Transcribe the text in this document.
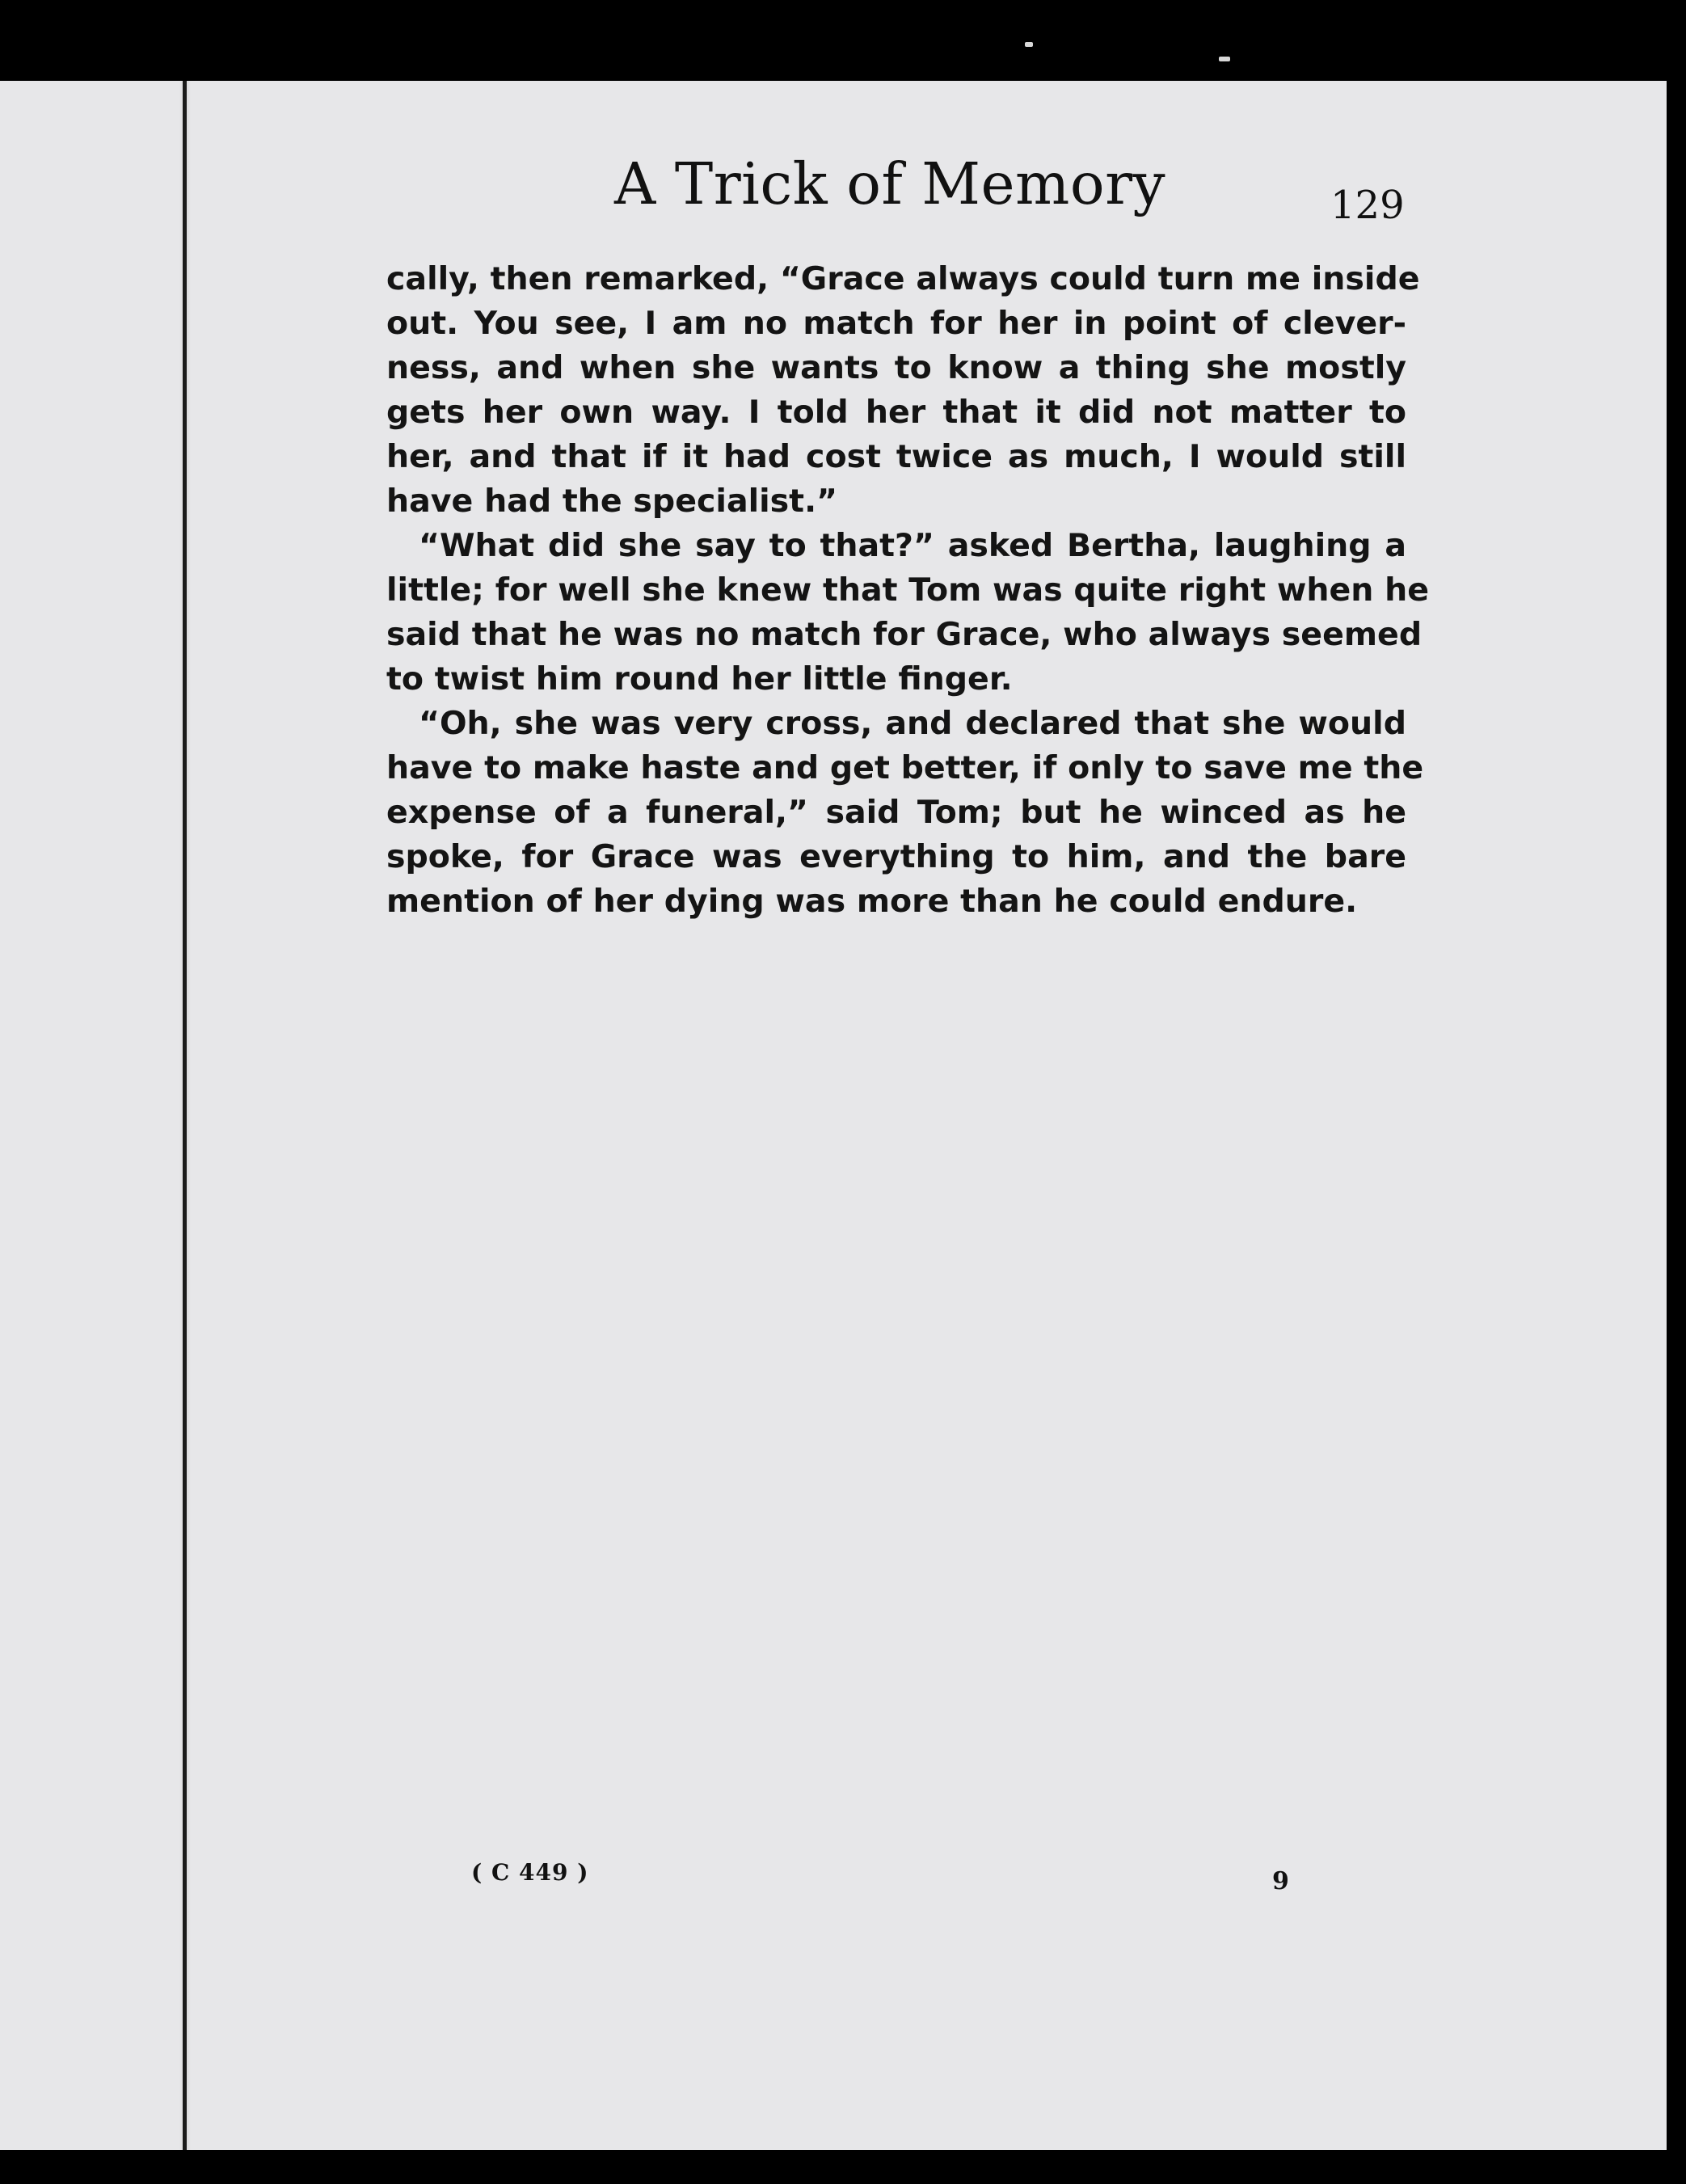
A Trick of Memory	129

cally, then remarked, “Grace always could turn me inside
out. You see, I am no match for her in point of clever-
ness, and when she wants to know a thing she mostly
gets her own way. I told her that it did not matter to
her, and that if it had cost twice as much, I would still
have had the specialist.”

“What did she say to that?” asked Bertha, laughing a
little; for well she knew that Tom was quite right when he
said that he was no match for Grace, who always seemed
to twist him round her little finger.

“Oh, she was very cross, and declared that she would
have to make haste and get better, if only to save me the
expense of a funeral,” said Tom; but he winced as he
spoke, for Grace was everything to him, and the bare
mention of her dying was more than he could endure.

( C 449 )	9
